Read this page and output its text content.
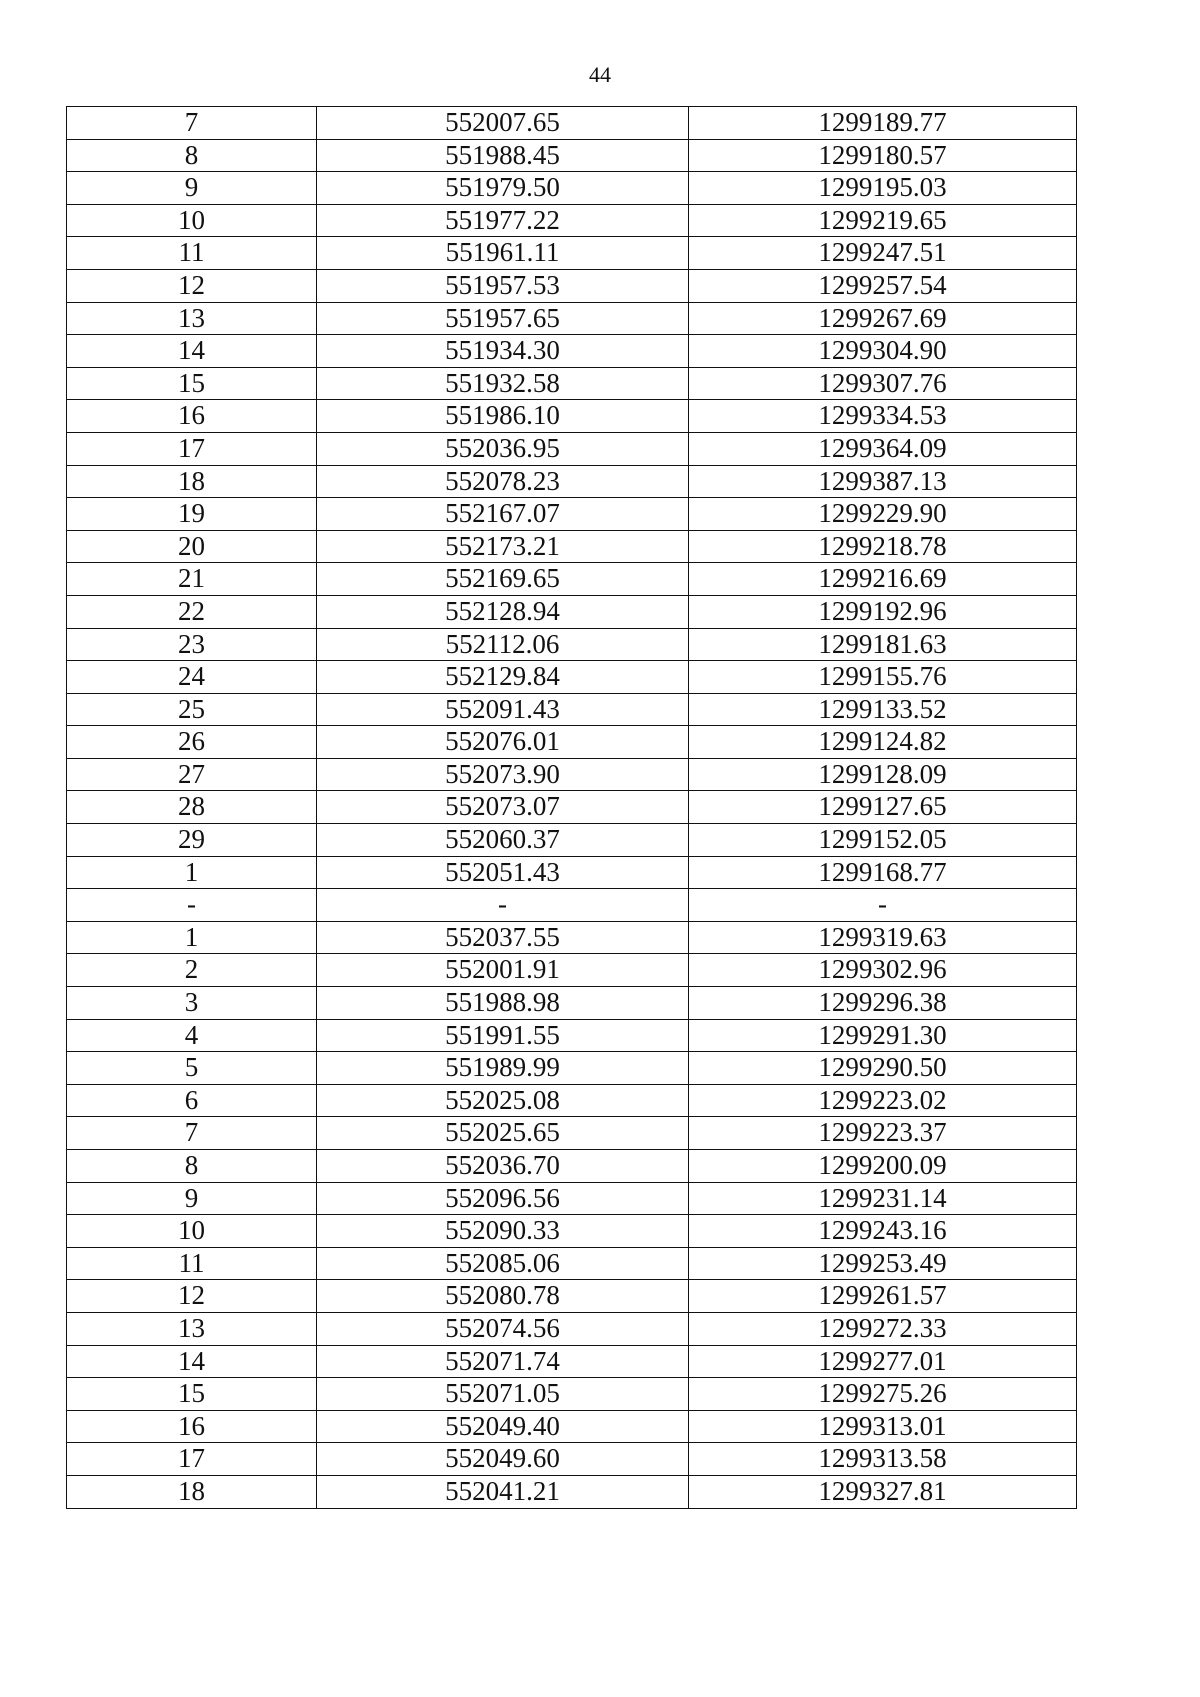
44
7	552007.65	1299189.77
8	551988.45	1299180.57
9	551979.50	1299195.03
10	551977.22	1299219.65
11	551961.11	1299247.51
12	551957.53	1299257.54
13	551957.65	1299267.69
14	551934.30	1299304.90
15	551932.58	1299307.76
16	551986.10	1299334.53
17	552036.95	1299364.09
18	552078.23	1299387.13
19	552167.07	1299229.90
20	552173.21	1299218.78
21	552169.65	1299216.69
22	552128.94	1299192.96
23	552112.06	1299181.63
24	552129.84	1299155.76
25	552091.43	1299133.52
26	552076.01	1299124.82
27	552073.90	1299128.09
28	552073.07	1299127.65
29	552060.37	1299152.05
1	552051.43	1299168.77
-	-	-
1	552037.55	1299319.63
2	552001.91	1299302.96
3	551988.98	1299296.38
4	551991.55	1299291.30
5	551989.99	1299290.50
6	552025.08	1299223.02
7	552025.65	1299223.37
8	552036.70	1299200.09
9	552096.56	1299231.14
10	552090.33	1299243.16
11	552085.06	1299253.49
12	552080.78	1299261.57
13	552074.56	1299272.33
14	552071.74	1299277.01
15	552071.05	1299275.26
16	552049.40	1299313.01
17	552049.60	1299313.58
18	552041.21	1299327.81
